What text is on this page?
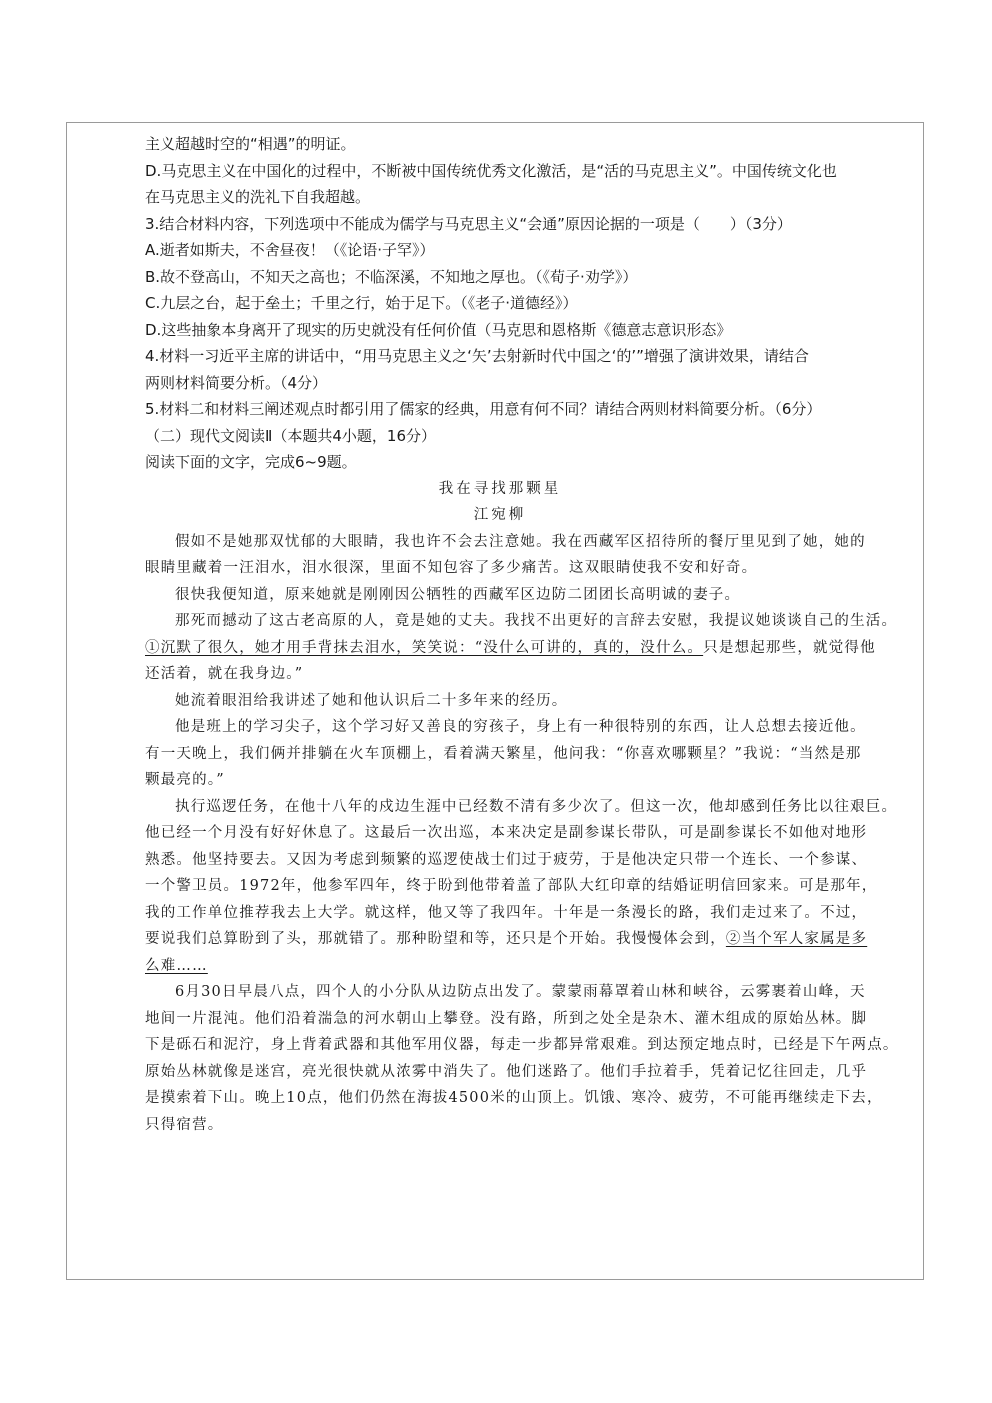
主义超越时空的“相遇”的明证。
D.马克思主义在中国化的过程中，不断被中国传统优秀文化激活，是“活的马克思主义”。中国传统文化也
在马克思主义的洗礼下自我超越。
3.结合材料内容，下列选项中不能成为儒学与马克思主义“会通”原因论据的一项是（　　）（3分）
A.逝者如斯夫，不舍昼夜！（《论语·子罕》）
B.故不登高山，不知天之高也；不临深溪，不知地之厚也。（《荀子·劝学》）
C.九层之台，起于垒土；千里之行，始于足下。（《老子·道德经》）
D.这些抽象本身离开了现实的历史就没有任何价值（马克思和恩格斯《德意志意识形态》
4.材料一习近平主席的讲话中，“用马克思主义之‘矢’去射新时代中国之‘的’”增强了演讲效果，请结合
两则材料简要分析。（4分）
5.材料二和材料三阐述观点时都引用了儒家的经典，用意有何不同？请结合两则材料简要分析。（6分）
（二）现代文阅读Ⅱ（本题共4小题，16分）
阅读下面的文字，完成6~9题。
我在寻找那颗星
江宛柳
假如不是她那双忧郁的大眼睛，我也许不会去注意她。我在西藏军区招待所的餐厅里见到了她，她的
眼睛里藏着一汪泪水，泪水很深，里面不知包容了多少痛苦。这双眼睛使我不安和好奇。
很快我便知道，原来她就是刚刚因公牺牲的西藏军区边防二团团长高明诚的妻子。
那死而撼动了这古老高原的人，竟是她的丈夫。我找不出更好的言辞去安慰，我提议她谈谈自己的生活。
①沉默了很久，她才用手背抹去泪水，笑笑说：“没什么可讲的，真的，没什么。只是想起那些，就觉得他
还活着，就在我身边。”
她流着眼泪给我讲述了她和他认识后二十多年来的经历。
他是班上的学习尖子，这个学习好又善良的穷孩子，身上有一种很特别的东西，让人总想去接近他。
有一天晚上，我们俩并排躺在火车顶棚上，看着满天繁星，他问我：“你喜欢哪颗星？”我说：“当然是那
颗最亮的。”
执行巡逻任务，在他十八年的戍边生涯中已经数不清有多少次了。但这一次，他却感到任务比以往艰巨。
他已经一个月没有好好休息了。这最后一次出巡，本来决定是副参谋长带队，可是副参谋长不如他对地形
熟悉。他坚持要去。又因为考虑到频繁的巡逻使战士们过于疲劳，于是他决定只带一个连长、一个参谋、
一个警卫员。1972年，他参军四年，终于盼到他带着盖了部队大红印章的结婚证明信回家来。可是那年，
我的工作单位推荐我去上大学。就这样，他又等了我四年。十年是一条漫长的路，我们走过来了。不过，
要说我们总算盼到了头，那就错了。那种盼望和等，还只是个开始。我慢慢体会到，②当个军人家属是多
么难……
6月30日早晨八点，四个人的小分队从边防点出发了。蒙蒙雨幕罩着山林和峡谷，云雾裹着山峰，天
地间一片混沌。他们沿着湍急的河水朝山上攀登。没有路，所到之处全是杂木、灌木组成的原始丛林。脚
下是砾石和泥泞，身上背着武器和其他军用仪器，每走一步都异常艰难。到达预定地点时，已经是下午两点。
原始丛林就像是迷宫，亮光很快就从浓雾中消失了。他们迷路了。他们手拉着手，凭着记忆往回走，几乎
是摸索着下山。晚上10点，他们仍然在海拔4500米的山顶上。饥饿、寒冷、疲劳，不可能再继续走下去，
只得宿营。
